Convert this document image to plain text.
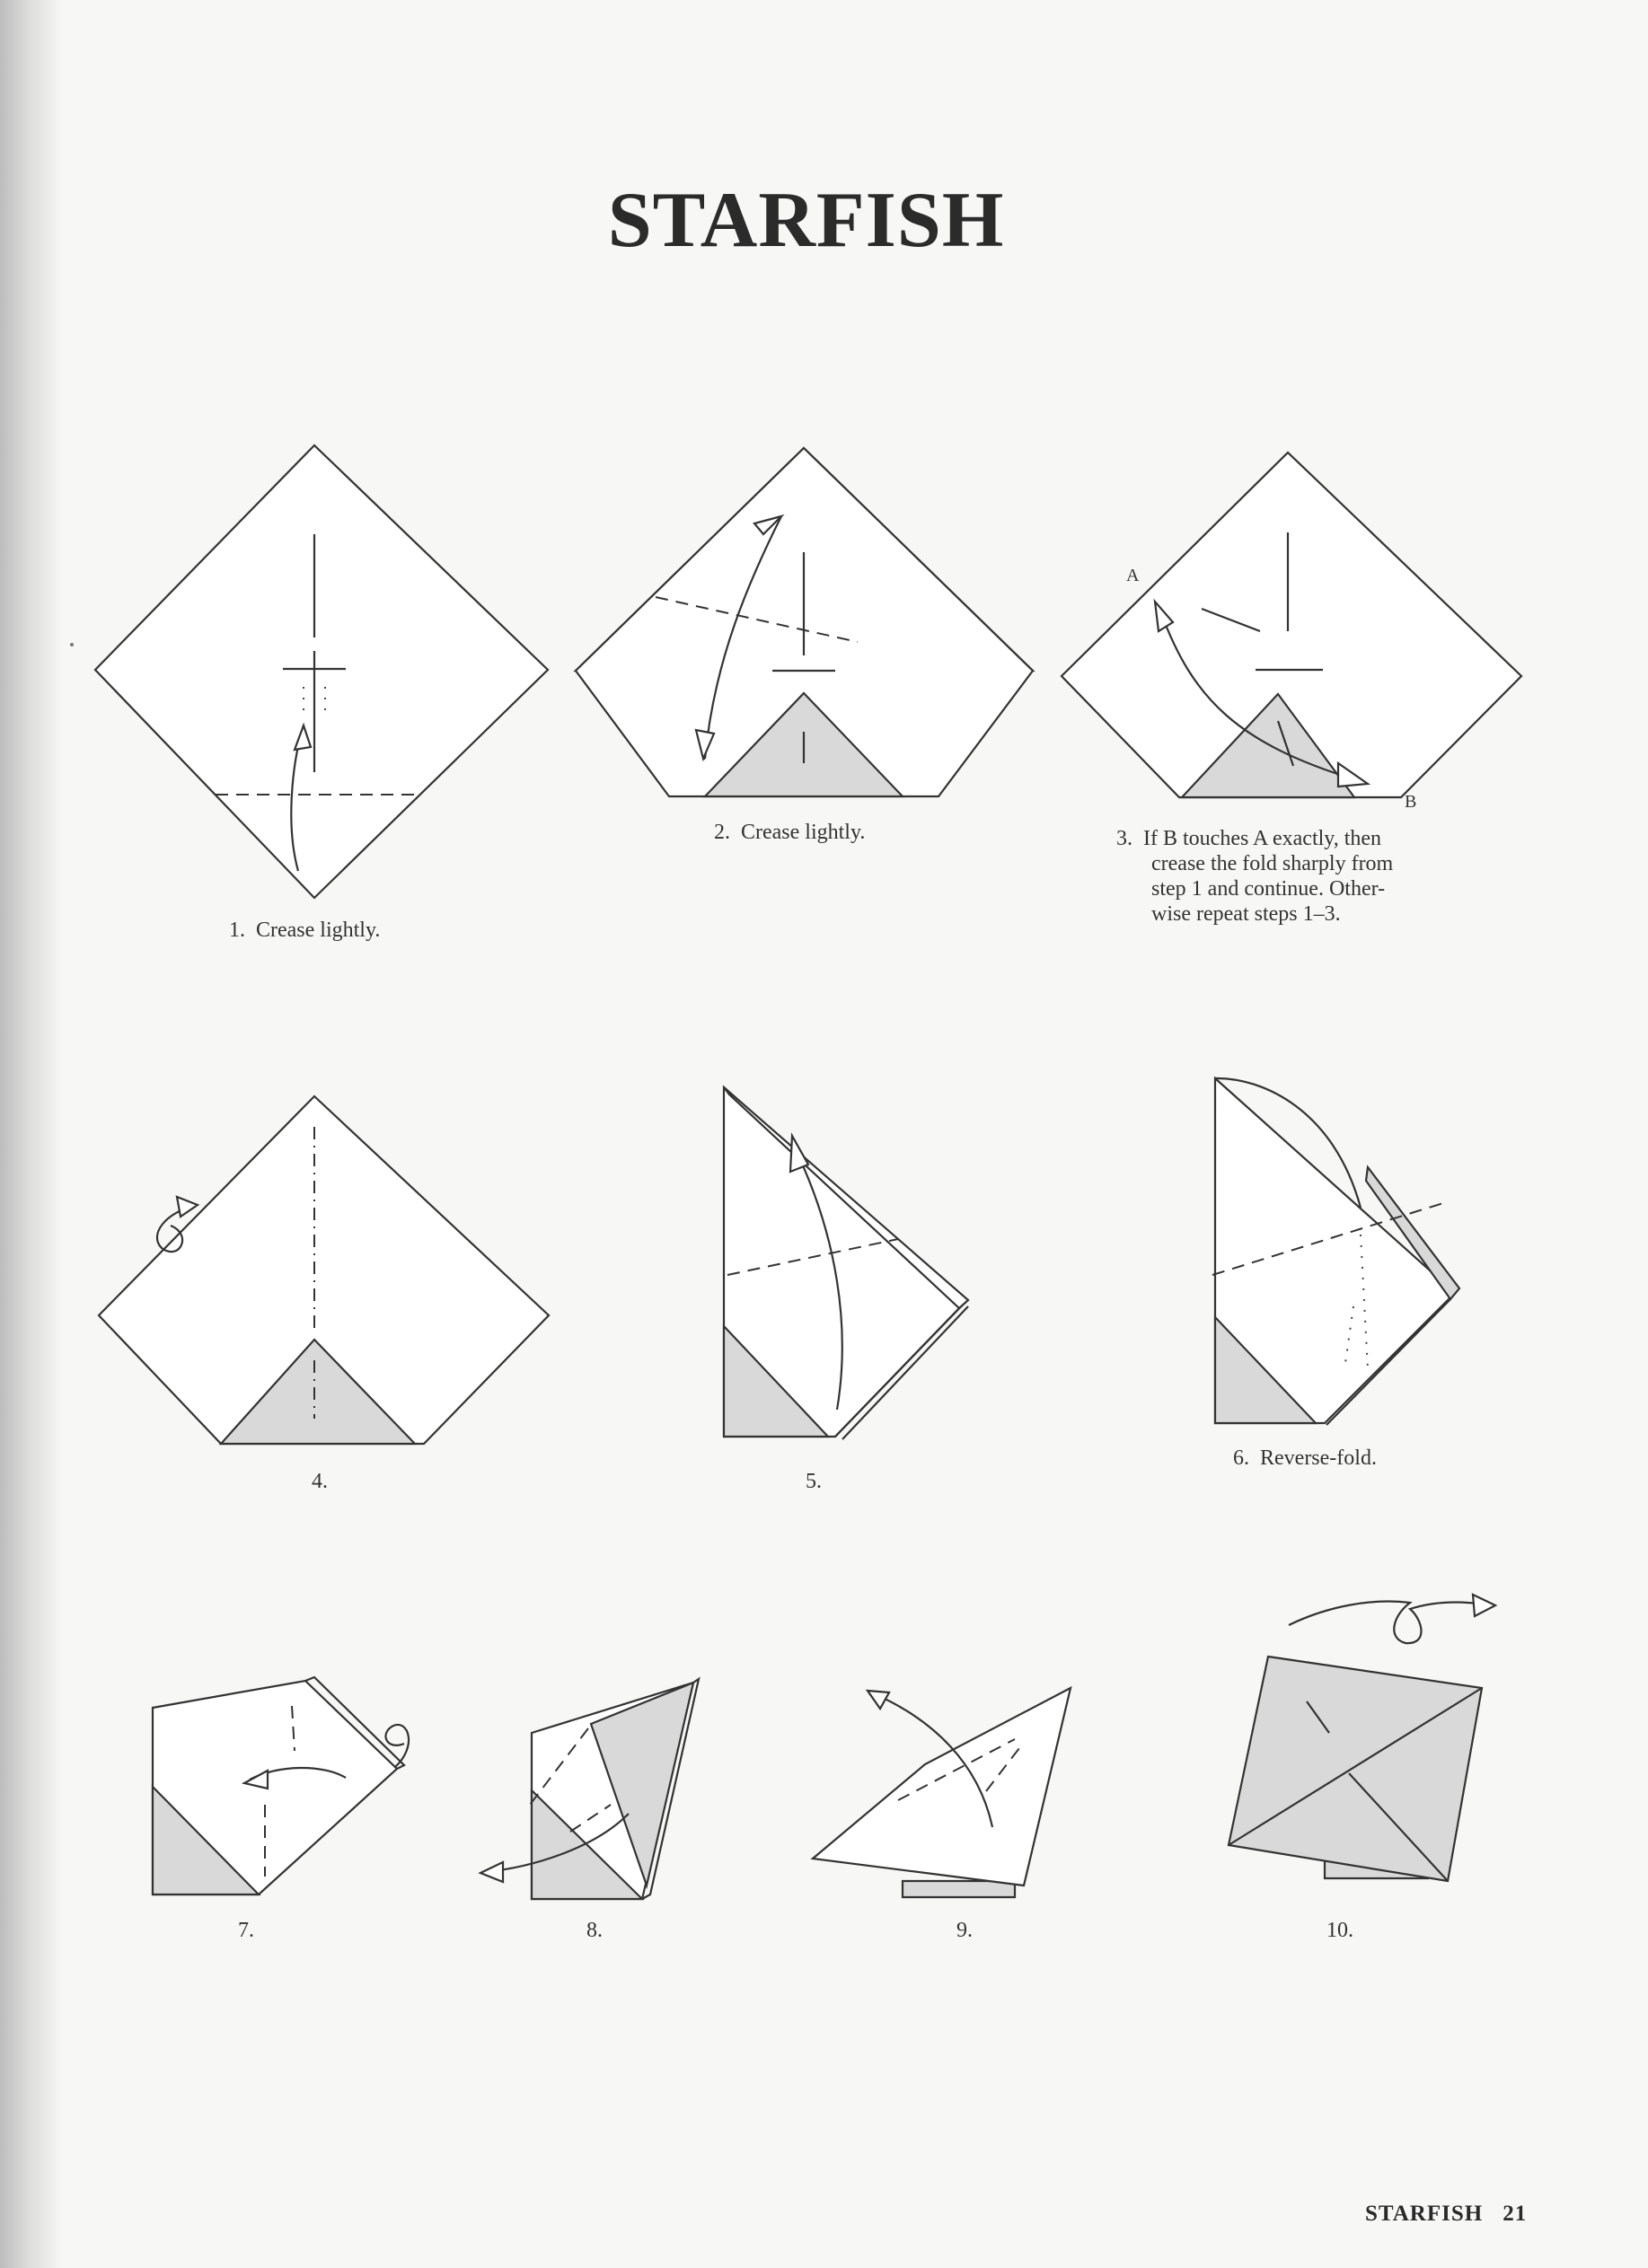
STARFISH
1. Crease lightly.
2. Crease lightly.
A
B
3. If B touches A exactly, then
crease the fold sharply from
step 1 and continue. Other-
wise repeat steps 1–3.
4.	5.
6. Reverse-fold.
7.	8.	9.	10.
STARFISH 21
